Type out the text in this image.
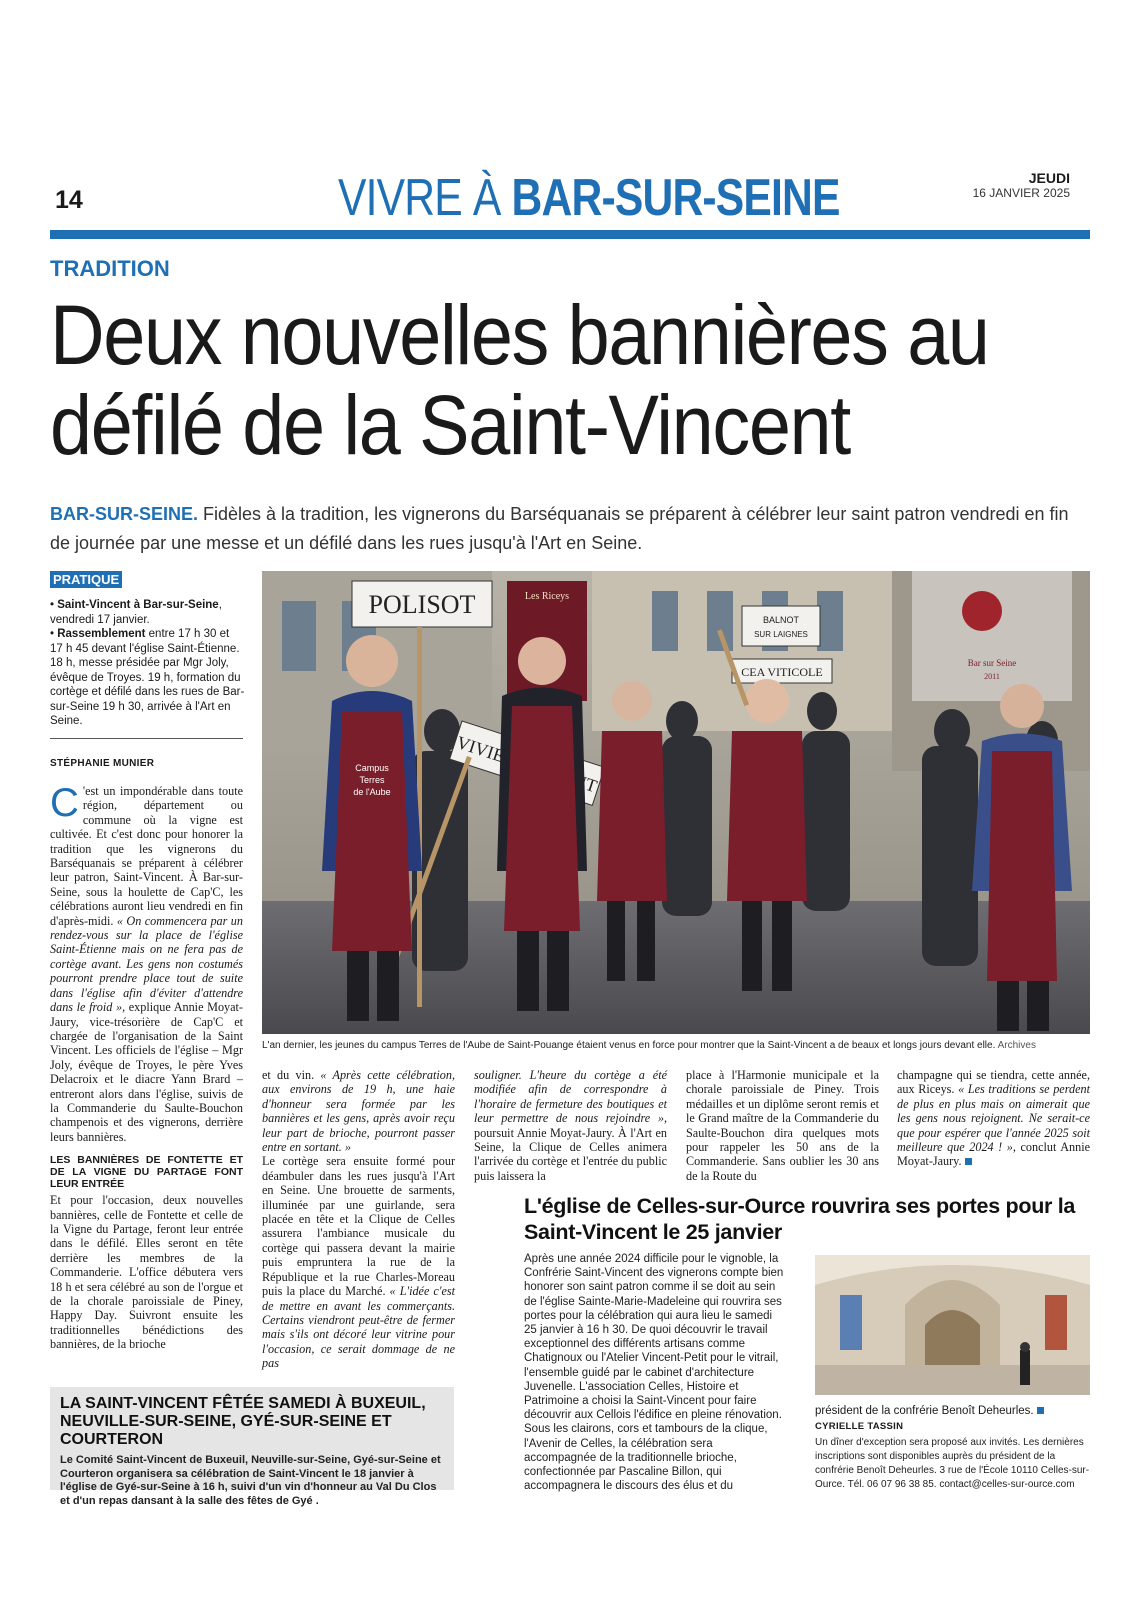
14	VIVRE À BAR-SUR-SEINE	JEUDI
16 JANVIER 2025
TRADITION
Deux nouvelles bannières au défilé de la Saint-Vincent

BAR-SUR-SEINE. Fidèles à la tradition, les vignerons du Barséquanais se préparent à célébrer leur saint patron vendredi en fin de journée par une messe et un défilé dans les rues jusqu'à l'Art en Seine.

PRATIQUE
• Saint-Vincent à Bar-sur-Seine, vendredi 17 janvier.
• Rassemblement entre 17 h 30 et 17 h 45 devant l'église Saint-Étienne. 18 h, messe présidée par Mgr Joly, évêque de Troyes. 19 h, formation du cortège et défilé dans les rues de Bar-sur-Seine 19 h 30, arrivée à l'Art en Seine.
STÉPHANIE MUNIER
C 'est un impondérable dans toute région, département ou commune où la vigne est cultivée. Et c'est donc pour honorer la tradition que les vignerons du Barséquanais se préparent à célébrer leur patron, Saint-Vincent. À Bar-sur-Seine, sous la houlette de Cap'C, les célébrations auront lieu vendredi en fin d'après-midi. « On commencera par un rendez-vous sur la place de l'église Saint-Étienne mais on ne fera pas de cortège avant. Les gens non costumés pourront prendre place tout de suite dans l'église afin d'éviter d'attendre dans le froid », explique Annie Moyat-Jaury, vice-trésorière de Cap'C et chargée de l'organisation de la Saint Vincent. Les officiels de l'église – Mgr Joly, évêque de Troyes, le père Yves Delacroix et le diacre Yann Brard – entreront alors dans l'église, suivis de la Commanderie du Saulte-Bouchon champenois et des vignerons, derrière leurs bannières.
LES BANNIÈRES DE FONTETTE ET DE LA VIGNE DU PARTAGE FONT LEUR ENTRÉE
Et pour l'occasion, deux nouvelles bannières, celle de Fontette et celle de la Vigne du Partage, feront leur entrée dans le défilé. Elles seront en tête derrière les membres de la Commanderie. L'office débutera vers 18 h et sera célébré au son de l'orgue et de la chorale paroissiale de Piney, Happy Day. Suivront ensuite les traditionnelles bénédictions des bannières, de la brioche
et du vin. « Après cette célébration, aux environs de 19 h, une haie d'honneur sera formée par les bannières et les gens, après avoir reçu leur part de brioche, pourront passer entre en sortant. »
Le cortège sera ensuite formé pour déambuler dans les rues jusqu'à l'Art en Seine. Une brouette de sarments, illuminée par une guirlande, sera placée en tête et la Clique de Celles assurera l'ambiance musicale du cortège qui passera devant la mairie puis empruntera la rue de la République et la rue Charles-Moreau puis la place du Marché. « L'idée c'est de mettre en avant les commerçants. Certains viendront peut-être de fermer mais s'ils ont décoré leur vitrine pour l'occasion, ce serait dommage de ne pas
souligner. L'heure du cortège a été modifiée afin de correspondre à l'horaire de fermeture des boutiques et leur permettre de nous rejoindre », poursuit Annie Moyat-Jaury. À l'Art en Seine, la Clique de Celles animera l'arrivée du cortège et l'entrée du public puis laissera la
place à l'Harmonie municipale et la chorale paroissiale de Piney. Trois médailles et un diplôme seront remis et le Grand maître de la Commanderie du Saulte-Bouchon dira quelques mots pour rappeler les 50 ans de la Commanderie. Sans oublier les 30 ans de la Route du
champagne qui se tiendra, cette année, aux Riceys. « Les traditions se perdent de plus en plus mais on aimerait que les gens nous rejoignent. Ne serait-ce que pour espérer que l'année 2025 soit meilleure que 2024 ! », conclut Annie Moyat-Jaury.
Les Riceys
Bar sur Seine
2011
POLISOT
BALNOT
SUR LAIGNES
CEA VITICOLE
Campus
Terres
de l'Aube
L'an dernier, les jeunes du campus Terres de l'Aube de Saint-Pouange étaient venus en force pour montrer que la Saint-Vincent a de beaux et longs jours devant elle. Archives
LA SAINT-VINCENT FÊTÉE SAMEDI À BUXEUIL, NEUVILLE-SUR-SEINE, GYÉ-SUR-SEINE ET COURTERON
Le Comité Saint-Vincent de Buxeuil, Neuville-sur-Seine, Gyé-sur-Seine et Courteron organisera sa célébration de Saint-Vincent le 18 janvier à l'église de Gyé-sur-Seine à 16 h, suivi d'un vin d'honneur au Val Du Clos et d'un repas dansant à la salle des fêtes de Gyé .
L'église de Celles-sur-Ource rouvrira ses portes pour la Saint-Vincent le 25 janvier
Après une année 2024 difficile pour le vignoble, la Confrérie Saint-Vincent des vignerons compte bien honorer son saint patron comme il se doit au sein de l'église Sainte-Marie-Madeleine qui rouvrira ses portes pour la célébration qui aura lieu le samedi 25 janvier à 16 h 30. De quoi découvrir le travail exceptionnel des différents artisans comme Chatignoux ou l'Atelier Vincent-Petit pour le vitrail, l'ensemble guidé par le cabinet d'architecture Juvenelle. L'association Celles, Histoire et Patrimoine a choisi la Saint-Vincent pour faire découvrir aux Cellois l'édifice en pleine rénovation. Sous les clairons, cors et tambours de la clique, l'Avenir de Celles, la célébration sera accompagnée de la traditionnelle brioche, confectionnée par Pascaline Billon, qui accompagnera le discours des élus et du
président de la confrérie Benoît Deheurles.
CYRIELLE TASSIN
Un dîner d'exception sera proposé aux invités. Les dernières inscriptions sont disponibles auprès du président de la confrérie Benoît Deheurles. 3 rue de l'École 10110 Celles-sur-Ource. Tél. 06 07 96 38 85. contact@celles-sur-ource.com
